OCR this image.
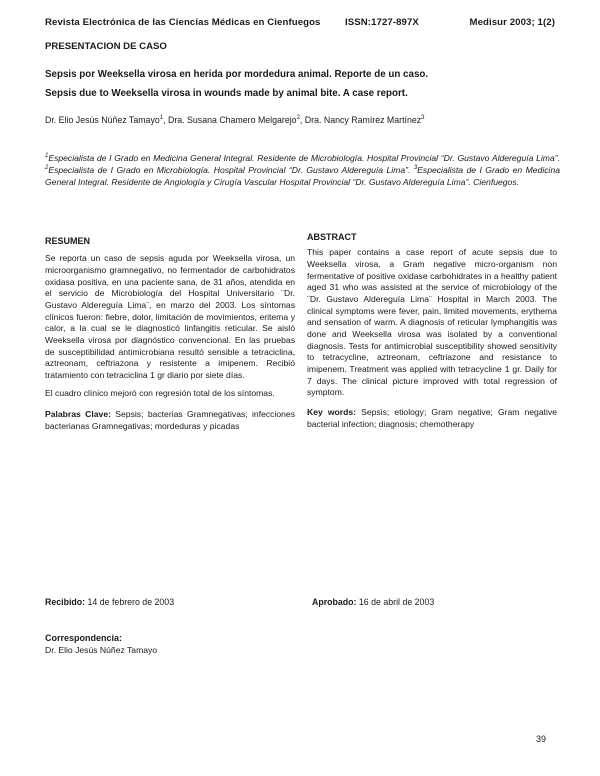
Revista Electrónica de las Ciencias Médicas en Cienfuegos	ISSN:1727-897X	Medisur 2003; 1(2)
PRESENTACION DE CASO
Sepsis por Weeksella virosa en herida por mordedura animal. Reporte de un caso.
Sepsis due to Weeksella virosa in wounds made by animal bite. A case report.
Dr. Elio Jesús Núñez Tamayo$^1$, Dra. Susana Chamero Melgarejo$^2$, Dra. Nancy Ramírez Martínez$^3$
$^1$Especialista de I Grado en Medicina General Integral. Residente de Microbiología. Hospital Provincial “Dr. Gustavo Aldereguía Lima”. $^2$Especialista de I Grado en Microbiología. Hospital Provincial “Dr. Gustavo Aldereguía Lima”. $^3$Especialista de I Grado en Medicina General Integral. Residente de Angiología y Cirugía Vascular Hospital Provincial “Dr. Gustavo Aldereguía Lima”. Cienfuegos.
RESUMEN

Se reporta un caso de sepsis aguda por Weeksella virosa, un microorganismo gramnegativo, no fermentador de carbohidratos oxidasa positiva, en una paciente sana, de 31 años, atendida en el servicio de Microbiología del Hospital Universitario ¨Dr. Gustavo Aldereguía Lima¨, en marzo del 2003. Los síntomas clínicos fueron: fiebre, dolor, limitación de movimientos, eritema y calor, a la cual se le diagnosticó linfangitis reticular. Se aisló Weeksella virosa por diagnóstico convencional. En las pruebas de susceptibilidad antimicrobiana resultó sensible a tetraciclina, aztreonam, ceftriazona y resistente a imipenem. Recibió tratamiento con tetraciclina 1 gr diario por siete días.

El cuadro clínico mejoró con regresión total de los síntomas.

Palabras Clave: Sepsis; bacterias Gramnegativas; infecciones bacterianas Gramnegativas; mordeduras y picadas

ABSTRACT

This paper contains a case report of acute sepsis due to Weeksella virosa, a Gram negative micro-organism non fermentative of positive oxidase carbohidrates in a healthy patient aged 31 who was assisted at the service of microbiology of the ¨Dr. Gustavo Aldereguía Lima¨ Hospital in March 2003. The clinical symptoms were fever, pain, limited movements, erythema and sensation of warm. A diagnosis of reticular lymphangitis was done and Weeksella virosa was isolated by a conventional diagnosis. Tests for antimicrobial susceptibility showed sensitivity to tetracycline, aztreonam, ceftriazone and resistance to imipenem. Treatment was applied with tetracycline 1 gr. Daily for 7 days. The clinical picture improved with total regression of symptom.

Key words: Sepsis; etiology; Gram negative; Gram negative bacterial infection; diagnosis; chemotherapy

Recibido: 14 de febrero de 2003	Aprobado: 16 de abril de 2003
Correspondencia:
Dr. Elio Jesús Núñez Tamayo
39
